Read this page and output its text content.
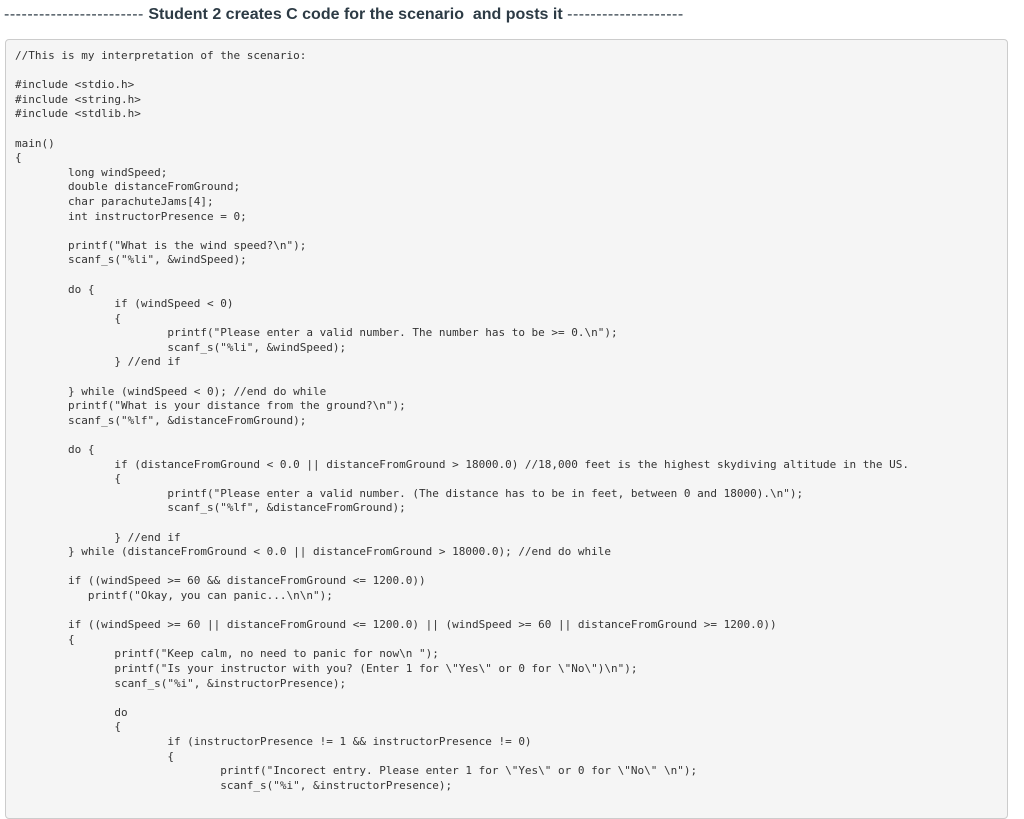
------------------------ Student 2 creates C code for the scenario  and posts it --------------------
//This is my interpretation of the scenario:

#include <stdio.h>
#include <string.h>
#include <stdlib.h>

main()
{
long windSpeed;
double distanceFromGround;
char parachuteJams[4];
int instructorPresence = 0;

printf("What is the wind speed?\n");
scanf_s("%li", &windSpeed);

do {
if (windSpeed < 0)
{
printf("Please enter a valid number. The number has to be >= 0.\n");
scanf_s("%li", &windSpeed);
} //end if

} while (windSpeed < 0); //end do while
printf("What is your distance from the ground?\n");
scanf_s("%lf", &distanceFromGround);

do {
if (distanceFromGround < 0.0 || distanceFromGround > 18000.0) //18,000 feet is the highest skydiving altitude in the US.
{
printf("Please enter a valid number. (The distance has to be in feet, between 0 and 18000).\n");
scanf_s("%lf", &distanceFromGround);

} //end if
} while (distanceFromGround < 0.0 || distanceFromGround > 18000.0); //end do while

if ((windSpeed >= 60 && distanceFromGround <= 1200.0))
printf("Okay, you can panic...\n\n");

if ((windSpeed >= 60 || distanceFromGround <= 1200.0) || (windSpeed >= 60 || distanceFromGround >= 1200.0))
{
printf("Keep calm, no need to panic for now\n ");
printf("Is your instructor with you? (Enter 1 for \"Yes\" or 0 for \"No\")\n");
scanf_s("%i", &instructorPresence);

do
{
if (instructorPresence != 1 && instructorPresence != 0)
{
printf("Incorect entry. Please enter 1 for \"Yes\" or 0 for \"No\" \n");
scanf_s("%i", &instructorPresence);
